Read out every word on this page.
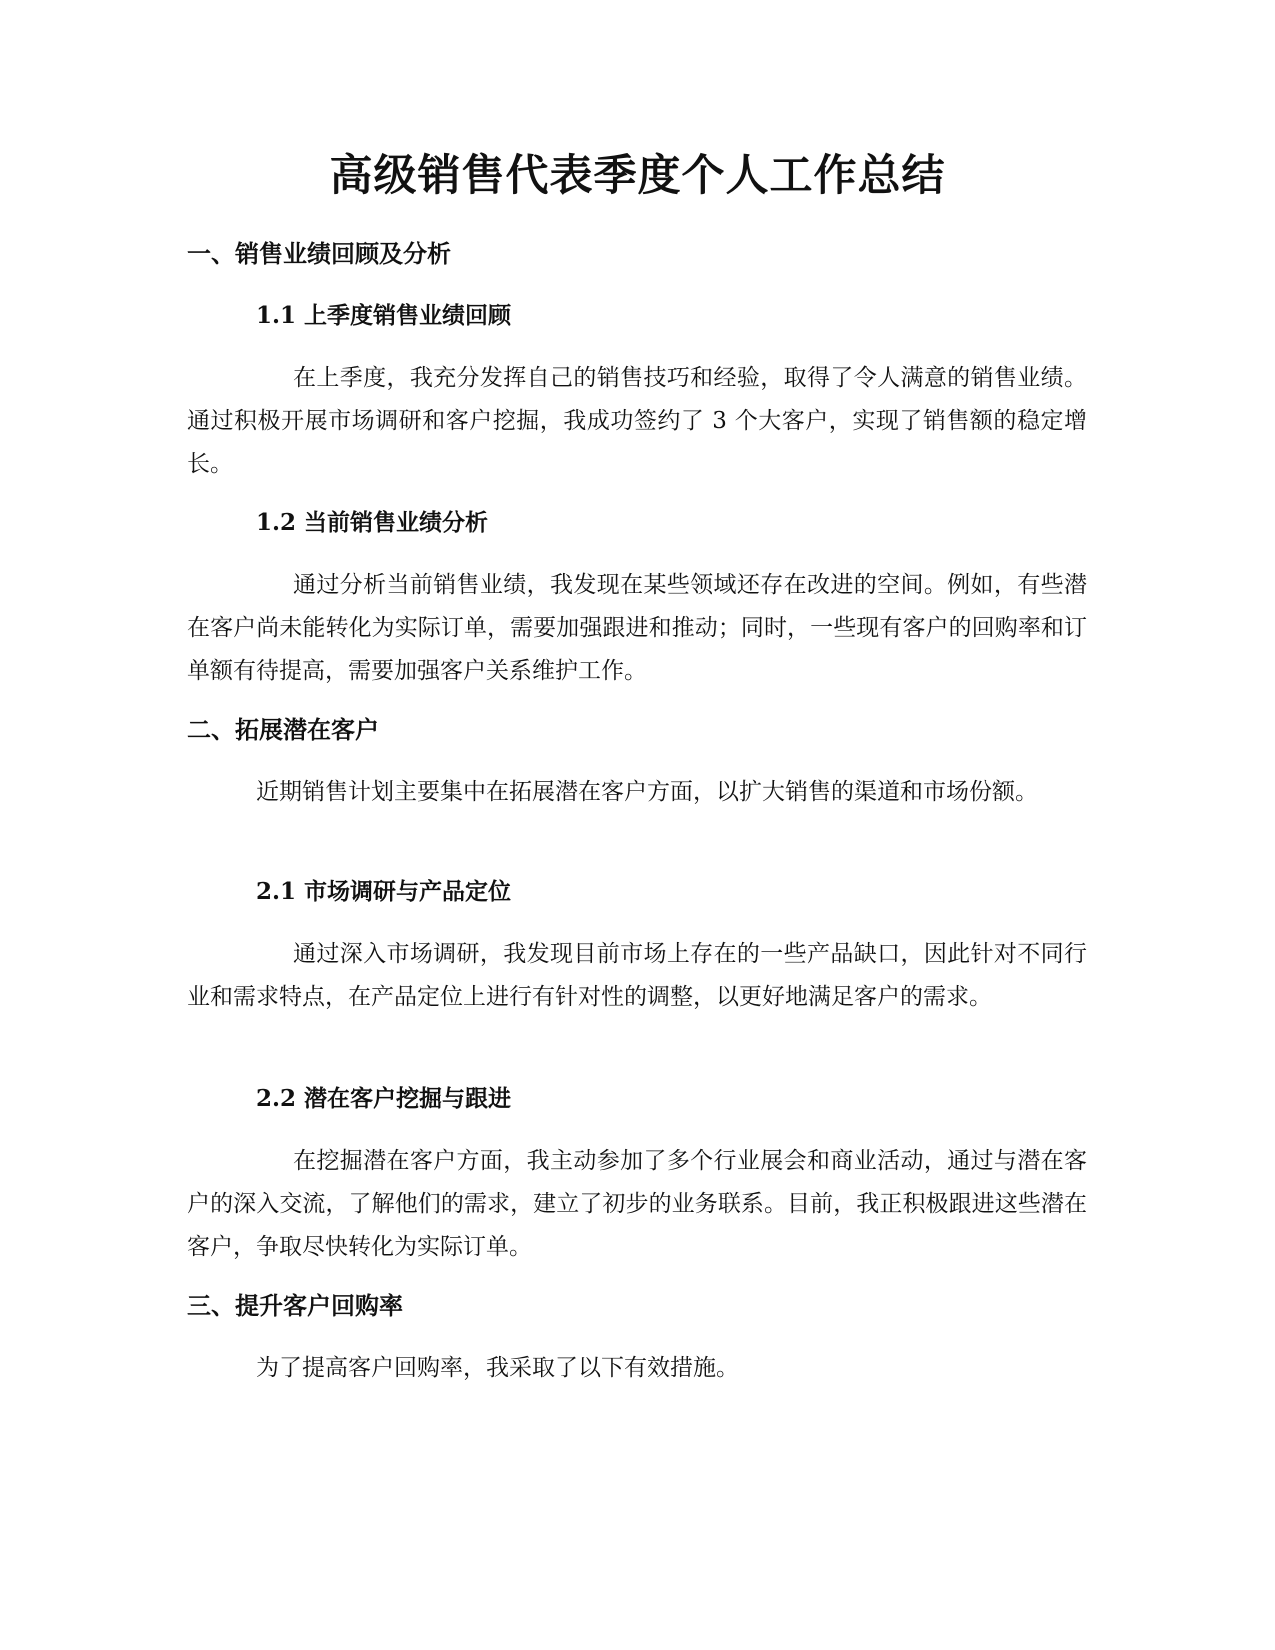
高级销售代表季度个人工作总结
一、销售业绩回顾及分析
1.1 上季度销售业绩回顾

在上季度，我充分发挥自己的销售技巧和经验，取得了令人满意的销售业绩。通过积极开展市场调研和客户挖掘，我成功签约了 3 个大客户，实现了销售额的稳定增长。

1.2 当前销售业绩分析

通过分析当前销售业绩，我发现在某些领域还存在改进的空间。例如，有些潜在客户尚未能转化为实际订单，需要加强跟进和推动；同时，一些现有客户的回购率和订单额有待提高，需要加强客户关系维护工作。

二、拓展潜在客户

近期销售计划主要集中在拓展潜在客户方面，以扩大销售的渠道和市场份额。

2.1 市场调研与产品定位

通过深入市场调研，我发现目前市场上存在的一些产品缺口，因此针对不同行业和需求特点，在产品定位上进行有针对性的调整，以更好地满足客户的需求。

2.2 潜在客户挖掘与跟进

在挖掘潜在客户方面，我主动参加了多个行业展会和商业活动，通过与潜在客户的深入交流，了解他们的需求，建立了初步的业务联系。目前，我正积极跟进这些潜在客户，争取尽快转化为实际订单。

三、提升客户回购率

为了提高客户回购率，我采取了以下有效措施。
